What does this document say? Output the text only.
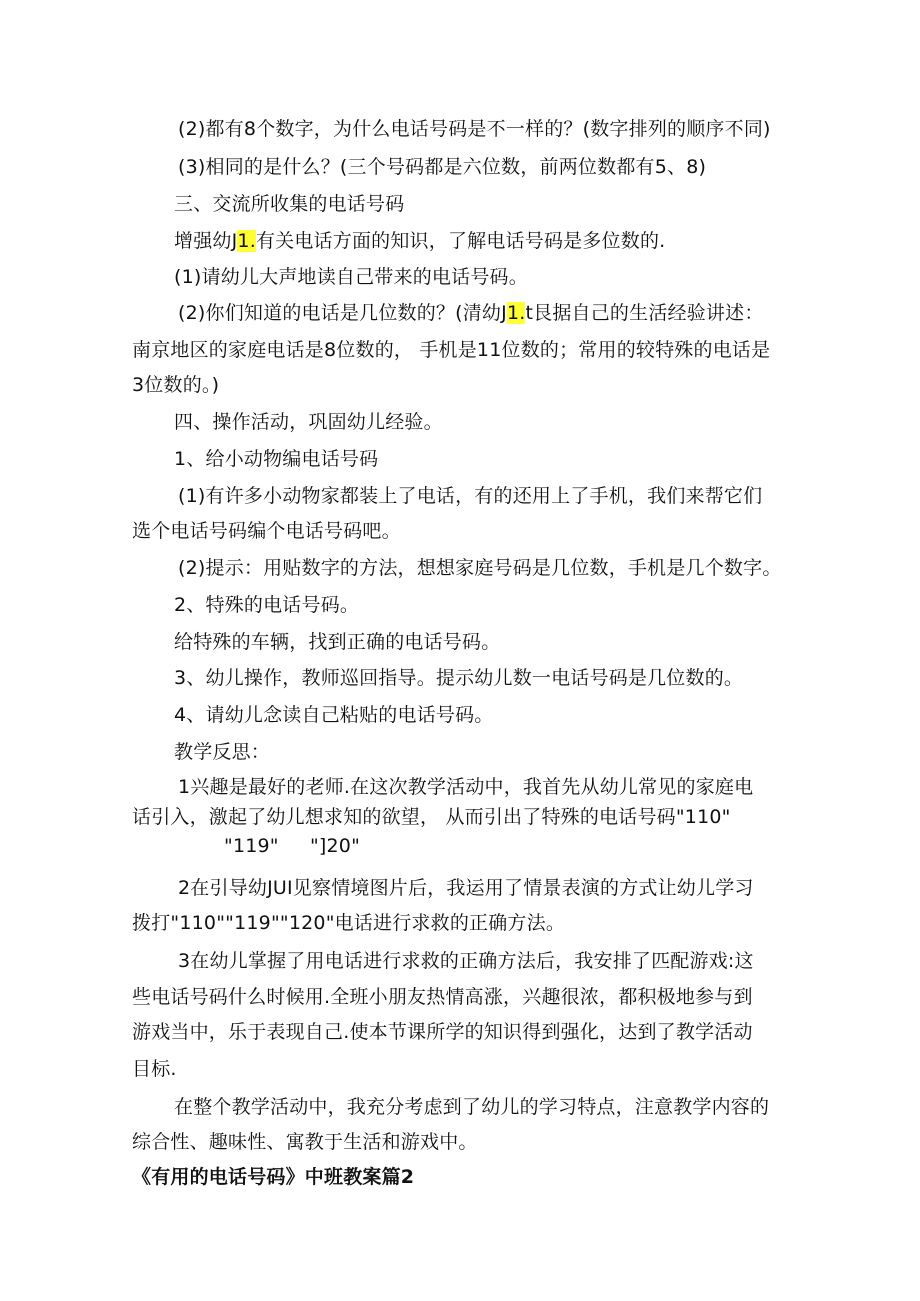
(2)都有8个数字，为什么电话号码是不一样的？(数字排列的顺序不同)
(3)相同的是什么？(三个号码都是六位数，前两位数都有5、8)
三、交流所收集的电话号码
增强幼J1.有关电话方面的知识，了解电话号码是多位数的.
(1)请幼儿大声地读自己带来的电话号码。
(2)你们知道的电话是几位数的？(清幼J1.t艮据自己的生活经验讲述：
南京地区的家庭电话是8位数的， 手机是11位数的；常用的较特殊的电话是
3位数的。)
四、操作活动，巩固幼儿经验。
1、给小动物编电话号码
(1)有许多小动物家都装上了电话，有的还用上了手机，我们来帮它们
选个电话号码编个电话号码吧。
(2)提示：用贴数字的方法，想想家庭号码是几位数，手机是几个数字。
2、特殊的电话号码。
给特殊的车辆，找到正确的电话号码。
3、幼儿操作，教师巡回指导。提示幼儿数一电话号码是几位数的。
4、请幼儿念读自己粘贴的电话号码。
教学反思：
1兴趣是最好的老师.在这次教学活动中，我首先从幼儿常见的家庭电
话引入，激起了幼儿想求知的欲望， 从而引出了特殊的电话号码"110"
"119"     "]20"
2在引导幼JUI见察情境图片后，我运用了情景表演的方式让幼儿学习
拨打"110""119""120"电话进行求救的正确方法。
3在幼儿掌握了用电话进行求救的正确方法后，我安排了匹配游戏:这
些电话号码什么时候用.全班小朋友热情高涨，兴趣很浓，都积极地参与到
游戏当中，乐于表现自己.使本节课所学的知识得到强化，达到了教学活动
目标.
在整个教学活动中，我充分考虑到了幼儿的学习特点，注意教学内容的
综合性、趣味性、寓教于生活和游戏中。
《有用的电话号码》中班教案篇2
